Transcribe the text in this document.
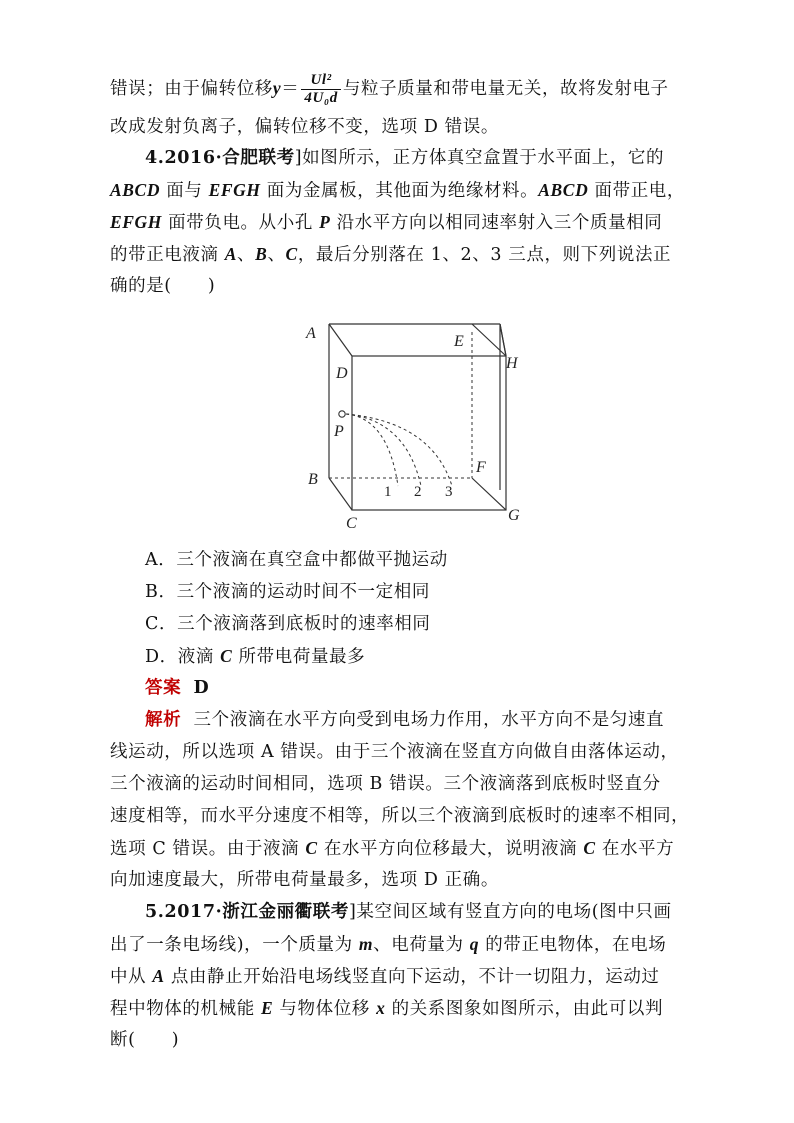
错误；由于偏转位移$y= \frac{\text{Ul²}}{\text{4U₀d}}$ 与粒子质量和带电量无关，故将发射电子
改成发射负离子，偏转位移不变，选项 D 错误。
4.2016·合肥联考]如图所示，正方体真空盒置于水平面上，它的
ABCD 面与 EFGH 面为金属板，其他面为绝缘材料。ABCD 面带正电，
EFGH 面带负电。从小孔 P 沿水平方向以相同速率射入三个质量相同
的带正电液滴 A、B、C，最后分别落在 1、2、3 三点，则下列说法正
确的是(　　)
A
D
E
H
P
B
F
C	G
1 2 3
A．三个液滴在真空盒中都做平抛运动
B．三个液滴的运动时间不一定相同
C．三个液滴落到底板时的速率相同
D．液滴 C 所带电荷量最多
答案 D
解析 三个液滴在水平方向受到电场力作用，水平方向不是匀速直
线运动，所以选项 A 错误。由于三个液滴在竖直方向做自由落体运动，
三个液滴的运动时间相同，选项 B 错误。三个液滴落到底板时竖直分
速度相等，而水平分速度不相等，所以三个液滴到底板时的速率不相同，
选项 C 错误。由于液滴 C 在水平方向位移最大，说明液滴 C 在水平方
向加速度最大，所带电荷量最多，选项 D 正确。
5.2017·浙江金丽衢联考]某空间区域有竖直方向的电场(图中只画
出了一条电场线)，一个质量为 m、电荷量为 q 的带正电物体，在电场
中从 A 点由静止开始沿电场线竖直向下运动，不计一切阻力，运动过
程中物体的机械能 E 与物体位移 x 的关系图象如图所示，由此可以判
断(　　)
